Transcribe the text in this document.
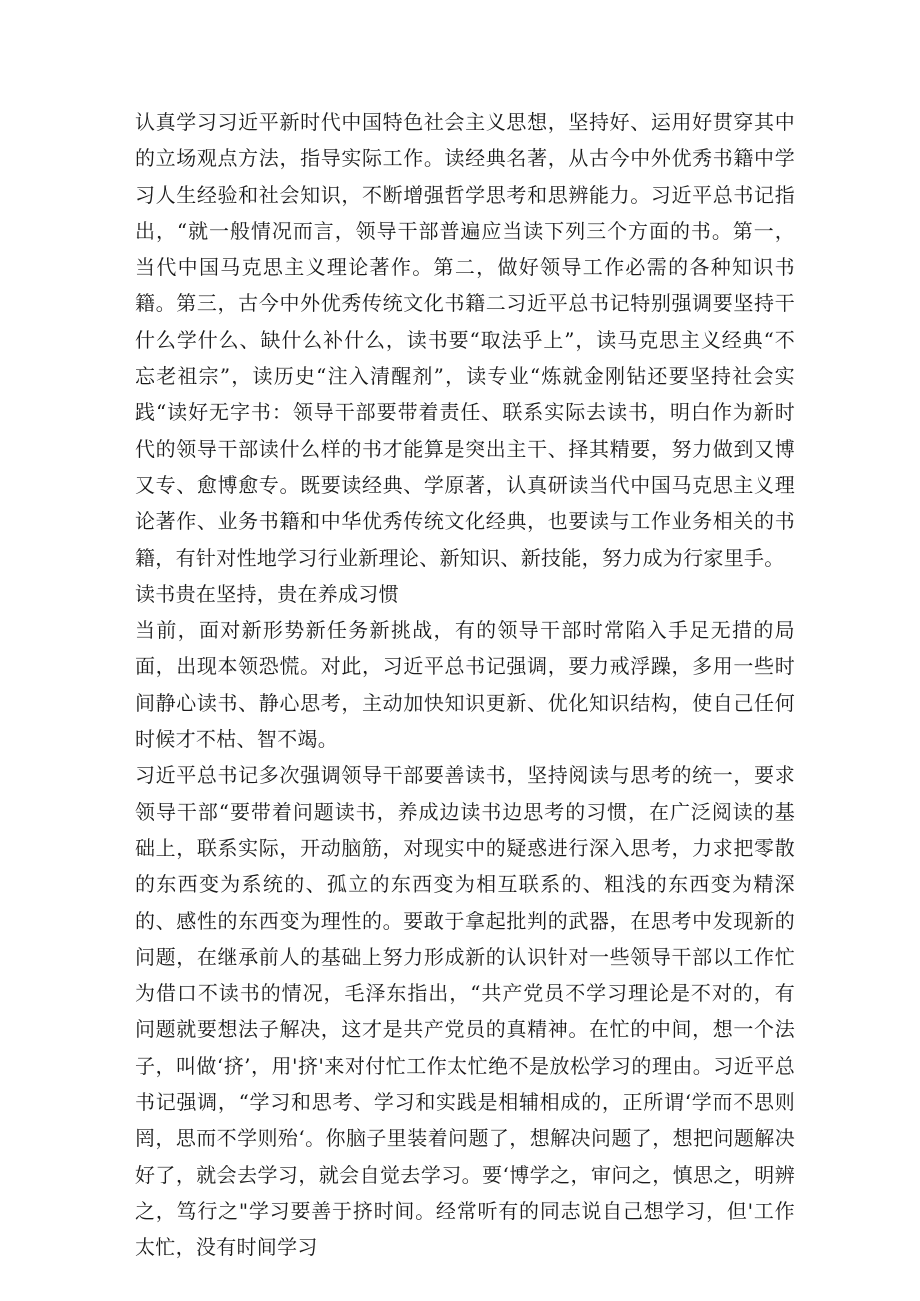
认真学习习近平新时代中国特色社会主义思想，坚持好、运用好贯穿其中的立场观点方法，指导实际工作。读经典名著，从古今中外优秀书籍中学习人生经验和社会知识，不断增强哲学思考和思辨能力。习近平总书记指出，“就一般情况而言，领导干部普遍应当读下列三个方面的书。第一，当代中国马克思主义理论著作。第二，做好领导工作必需的各种知识书籍。第三，古今中外优秀传统文化书籍二习近平总书记特别强调要坚持干什么学什么、缺什么补什么，读书要“取法乎上”，读马克思主义经典“不忘老祖宗”，读历史“注入清醒剂”，读专业“炼就金刚钻还要坚持社会实践“读好无字书：领导干部要带着责任、联系实际去读书，明白作为新时代的领导干部读什么样的书才能算是突出主干、择其精要，努力做到又博又专、愈博愈专。既要读经典、学原著，认真研读当代中国马克思主义理论著作、业务书籍和中华优秀传统文化经典，也要读与工作业务相关的书籍，有针对性地学习行业新理论、新知识、新技能，努力成为行家里手。

读书贵在坚持，贵在养成习惯

当前，面对新形势新任务新挑战，有的领导干部时常陷入手足无措的局面，出现本领恐慌。对此，习近平总书记强调，要力戒浮躁，多用一些时间静心读书、静心思考，主动加快知识更新、优化知识结构，使自己任何时候才不枯、智不竭。

习近平总书记多次强调领导干部要善读书，坚持阅读与思考的统一，要求领导干部“要带着问题读书，养成边读书边思考的习惯，在广泛阅读的基础上，联系实际，开动脑筋，对现实中的疑惑进行深入思考，力求把零散的东西变为系统的、孤立的东西变为相互联系的、粗浅的东西变为精深的、感性的东西变为理性的。要敢于拿起批判的武器，在思考中发现新的问题，在继承前人的基础上努力形成新的认识针对一些领导干部以工作忙为借口不读书的情况，毛泽东指出，“共产党员不学习理论是不对的，有问题就要想法子解决，这才是共产党员的真精神。在忙的中间，想一个法子，叫做‘挤’，用'挤'来对付忙工作太忙绝不是放松学习的理由。习近平总书记强调，“学习和思考、学习和实践是相辅相成的，正所谓‘学而不思则罔，思而不学则殆‘。你脑子里装着问题了，想解决问题了，想把问题解决好了，就会去学习，就会自觉去学习。要‘博学之，审问之，慎思之，明辨之，笃行之"学习要善于挤时间。经常听有的同志说自己想学习，但'工作太忙，没有时间学习
